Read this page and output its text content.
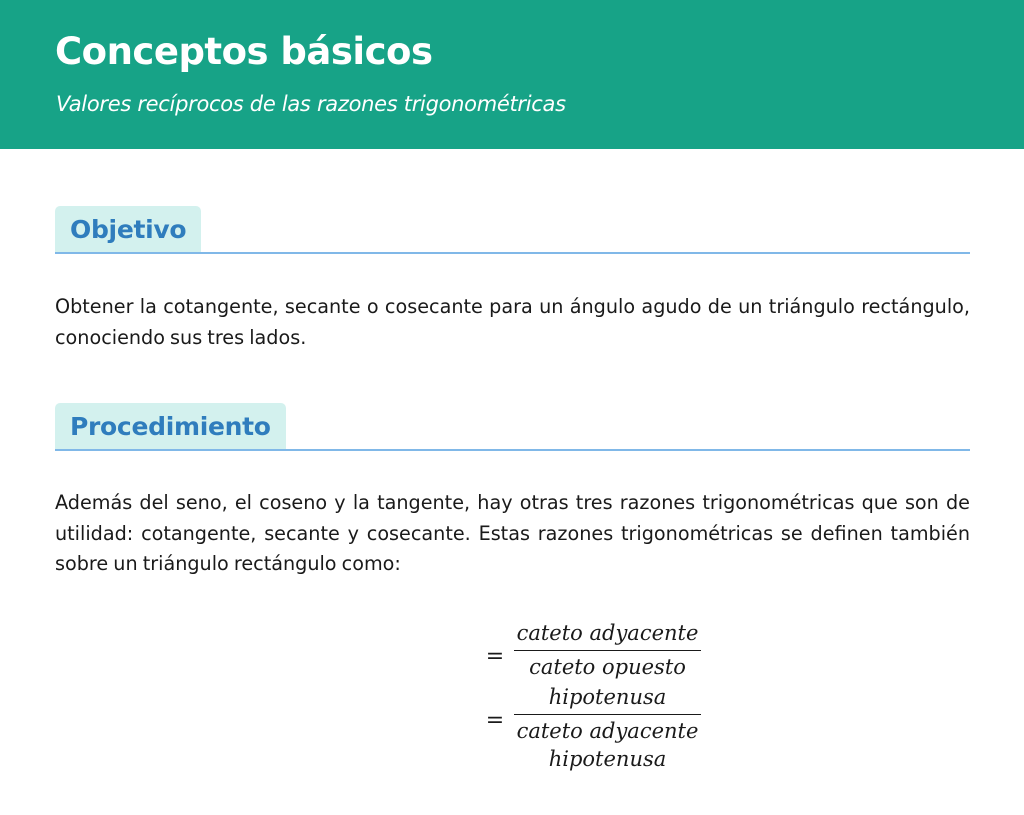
Conceptos básicos

Valores recíprocos de las razones trigonométricas

Objetivo

Obtener la cotangente, secante o cosecante para un ángulo agudo de un triángulo rectángulo, conociendo sus tres lados.

Procedimiento

Además del seno, el coseno y la tangente, hay otras tres razones trigonométricas que son de utilidad: cotangente, secante y cosecante. Estas razones trigonométricas se definen también sobre un triángulo rectángulo como:

=
cateto adyacente
cateto opuesto
=
hipotenusa
cateto adyacente
hipotenusa
